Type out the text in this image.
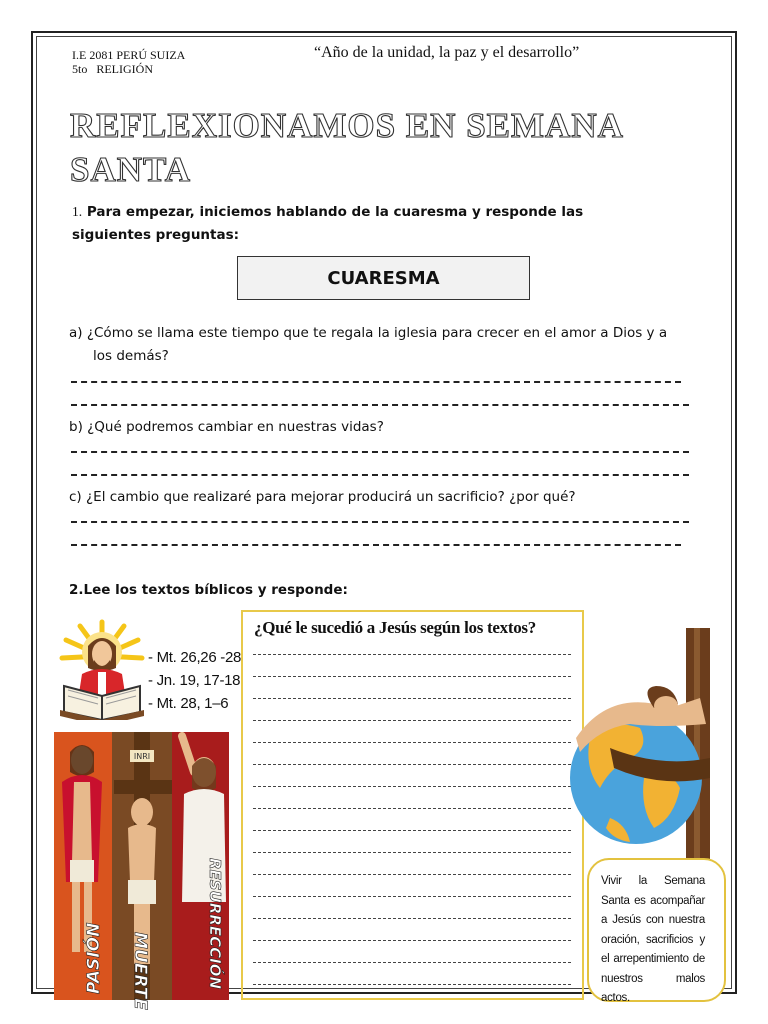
I.E 2081 PERÚ SUIZA
5to   RELIGIÓN
“Año de la unidad, la paz y el desarrollo”
REFLEXIONAMOS EN SEMANA
SANTA
1. Para empezar, iniciemos hablando de la cuaresma y responde las siguientes preguntas:
CUARESMA
a) ¿Cómo se llama este tiempo que te regala la iglesia para crecer en el amor a Dios y a
los demás?
b) ¿Qué podremos cambiar en nuestras vidas?
c) ¿El cambio que realizaré para mejorar producirá un sacrificio? ¿por qué?
2.Lee los textos bíblicos y responde:
- Mt. 26,26 -28
- Jn. 19, 17-18
- Mt. 28, 1–6
INRI
PASIÓN MUERTE	RESURRECCIÓN
¿Qué le sucedió a Jesús según los textos?
Vivir la Semana Santa es acompañar a Jesús con nuestra oración, sacrificios y el arrepentimiento de nuestros malos actos.
